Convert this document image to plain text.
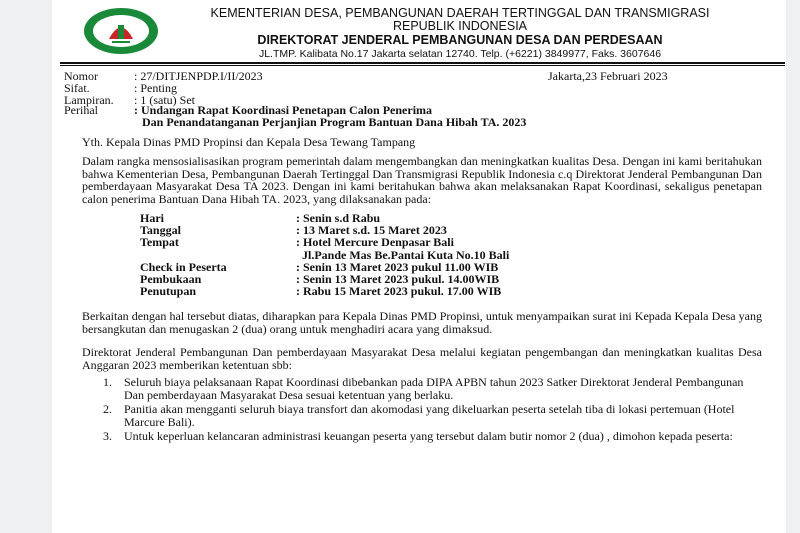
KEMENTERIAN DESA, PEMBANGUNAN DAERAH TERTINGGAL DAN TRANSMIGRASI
REPUBLIK INDONESIA
DIREKTORAT JENDERAL PEMBANGUNAN DESA DAN PERDESAAN
JL.TMP. Kalibata No.17 Jakarta selatan 12740. Telp. (+6221) 3849977, Faks. 3607646
Nomor	: 27/DITJENPDP.I/II/2023	Jakarta,23 Februari 2023
Sifat.	: Penting
Lampiran. : 1 (satu) Set
Perihal	: Undangan Rapat Koordinasi Penetapan Calon Penerima
Dan Penandatanganan Perjanjian Program Bantuan Dana Hibah TA. 2023
Yth. Kepala Dinas PMD Propinsi dan Kepala Desa Tewang Tampang
Dalam rangka mensosialisasikan program pemerintah dalam mengembangkan dan meningkatkan kualitas Desa. Dengan ini kami beritahukan bahwa Kementerian Desa, Pembangunan Daerah Tertinggal Dan Transmigrasi Republik Indonesia c.q Direktorat Jenderal Pembangunan Dan pemberdayaan Masyarakat Desa TA 2023. Dengan ini kami beritahukan bahwa akan melaksanakan Rapat Koordinasi, sekaligus penetapan calon penerima Bantuan Dana Hibah TA. 2023, yang dilaksanakan pada:
Hari	: Senin s.d Rabu
Tanggal	: 13 Maret s.d. 15 Maret 2023
Tempat	: Hotel Mercure Denpasar Bali
Jl.Pande Mas Be.Pantai Kuta No.10 Bali
Check in Peserta	: Senin 13 Maret 2023 pukul 11.00 WIB
Pembukaan	: Senin 13 Maret 2023 pukul. 14.00WIB
Penutupan	: Rabu 15 Maret 2023 pukul. 17.00 WIB
Berkaitan dengan hal tersebut diatas, diharapkan para Kepala Dinas PMD Propinsi, untuk menyampaikan surat ini Kepada Kepala Desa yang bersangkutan dan menugaskan 2 (dua) orang untuk menghadiri acara yang dimaksud.
Direktorat Jenderal Pembangunan Dan pemberdayaan Masyarakat Desa melalui kegiatan pengembangan dan meningkatkan kualitas Desa Anggaran 2023 memberikan ketentuan sbb:
1.	Seluruh biaya pelaksanaan Rapat Koordinasi dibebankan pada DIPA APBN tahun 2023 Satker Direktorat Jenderal Pembangunan Dan pemberdayaan Masyarakat Desa sesuai ketentuan yang berlaku.
2.	Panitia akan mengganti seluruh biaya transfort dan akomodasi yang dikeluarkan peserta setelah tiba di lokasi pertemuan (Hotel Marcure Bali).
3.	Untuk keperluan kelancaran administrasi keuangan peserta yang tersebut dalam butir nomor 2 (dua) , dimohon kepada peserta:
